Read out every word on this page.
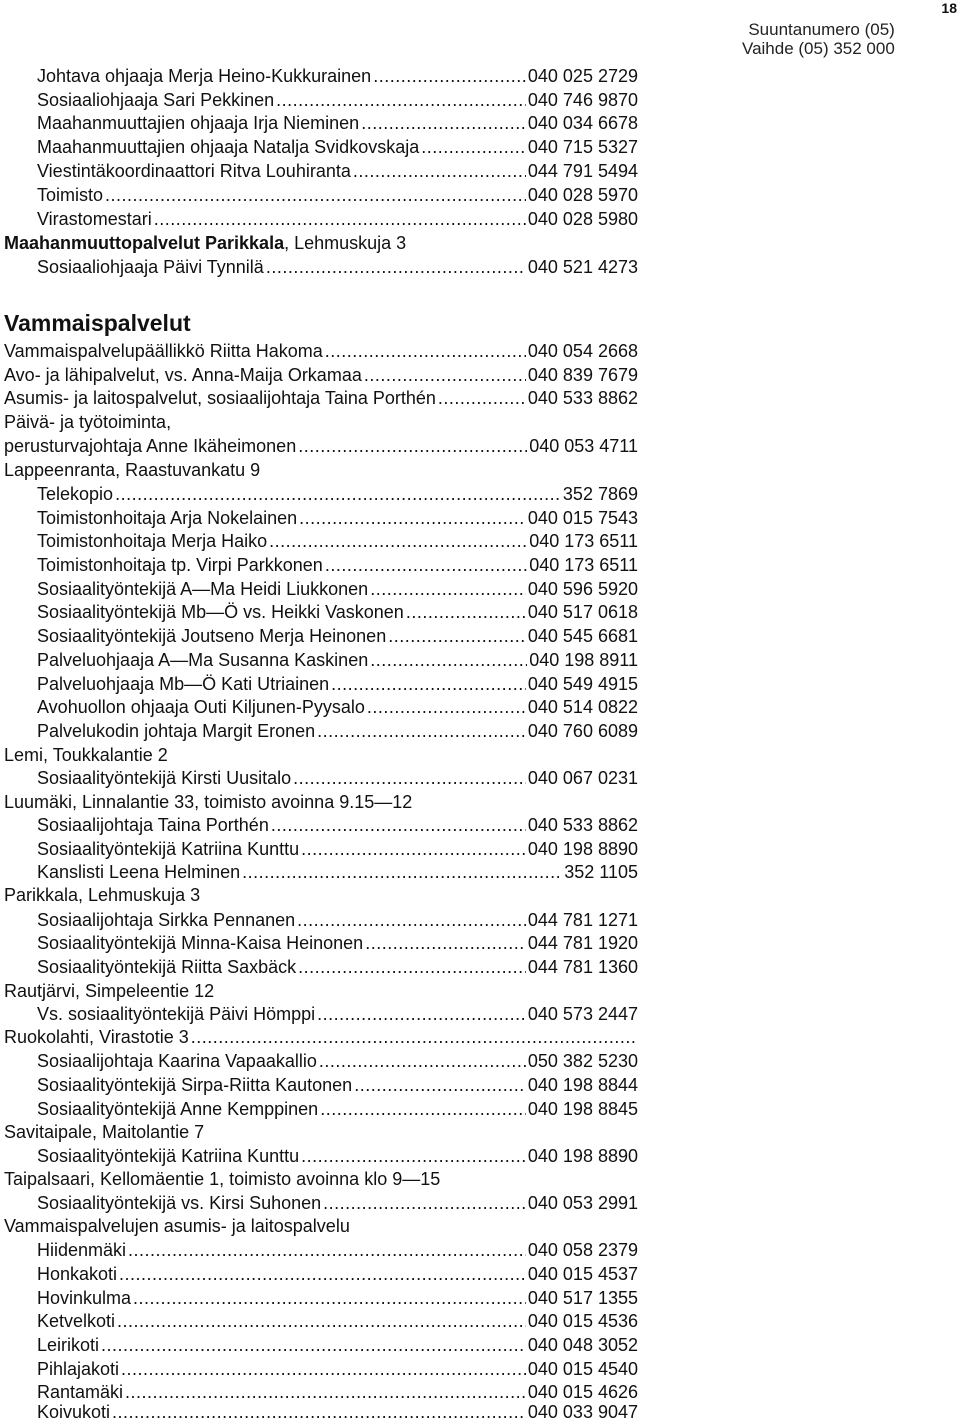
18
Suuntanumero (05)
Vaihde (05) 352 000
Johtava ohjaaja Merja Heino-Kukkurainen .....	040 025 2729
Sosiaaliohjaaja Sari Pekkinen .....	040 746 9870
Maahanmuuttajien ohjaaja Irja Nieminen .....	040 034 6678
Maahanmuuttajien ohjaaja Natalja Svidkovskaja .....	040 715 5327
Viestintäkoordinaattori Ritva Louhiranta .....	044 791 5494
Toimisto .....	040 028 5970
Virastomestari .....	040 028 5980
Maahanmuuttopalvelut Parikkala, Lehmuskuja 3
Sosiaaliohjaaja Päivi Tynnilä .....	040 521 4273
Vammaispalvelut
Vammaispalvelupäällikkö Riitta Hakoma .....	040 054 2668
Avo- ja lähipalvelut, vs. Anna-Maija Orkamaa .....	040 839 7679
Asumis- ja laitospalvelut, sosiaalijohtaja Taina Porthén .....	040 533 8862
Päivä- ja työtoiminta,
perusturvajohtaja Anne Ikäheimonen .....	040 053 4711
Lappeenranta, Raastuvankatu 9
Telekopio .....	352 7869
Toimistonhoitaja Arja Nokelainen .....	040 015 7543
Toimistonhoitaja Merja Haiko .....	040 173 6511
Toimistonhoitaja tp. Virpi Parkkonen .....	040 173 6511
Sosiaalityöntekijä A—Ma Heidi Liukkonen .....	040 596 5920
Sosiaalityöntekijä Mb—Ö vs. Heikki Vaskonen .....	040 517 0618
Sosiaalityöntekijä Joutseno Merja Heinonen .....	040 545 6681
Palveluohjaaja A—Ma Susanna Kaskinen .....	040 198 8911
Palveluohjaaja Mb—Ö Kati Utriainen .....	040 549 4915
Avohuollon ohjaaja Outi Kiljunen-Pyysalo .....	040 514 0822
Palvelukodin johtaja Margit Eronen .....	040 760 6089
Lemi, Toukkalantie 2
Sosiaalityöntekijä Kirsti Uusitalo .....	040 067 0231
Luumäki, Linnalantie 33, toimisto avoinna 9.15—12
Sosiaalijohtaja Taina Porthén .....	040 533 8862
Sosiaalityöntekijä Katriina Kunttu .....	040 198 8890
Kanslisti Leena Helminen .....	352 1105
Parikkala, Lehmuskuja 3
Sosiaalijohtaja Sirkka Pennanen .....	044 781 1271
Sosiaalityöntekijä Minna-Kaisa Heinonen .....	044 781 1920
Sosiaalityöntekijä Riitta Saxbäck .....	044 781 1360
Rautjärvi, Simpeleentie 12
Vs. sosiaalityöntekijä Päivi Hömppi .....	040 573 2447
Ruokolahti, Virastotie 3
.....
Sosiaalijohtaja Kaarina Vapaakallio .....	050 382 5230
Sosiaalityöntekijä Sirpa-Riitta Kautonen .....	040 198 8844
Sosiaalityöntekijä Anne Kemppinen .....	040 198 8845
Savitaipale, Maitolantie 7
Sosiaalityöntekijä Katriina Kunttu .....	040 198 8890
Taipalsaari, Kellomäentie 1, toimisto avoinna klo 9—15
Sosiaalityöntekijä vs. Kirsi Suhonen .....	040 053 2991
Vammaispalvelujen asumis- ja laitospalvelu
Hiidenmäki .....	040 058 2379
Honkakoti .....	040 015 4537
Hovinkulma .....	040 517 1355
Ketvelkoti .....	040 015 4536
Leirikoti .....	040 048 3052
Pihlajakoti .....	040 015 4540
Rantamäki .....	040 015 4626
Koivukoti .....	040 033 9047
